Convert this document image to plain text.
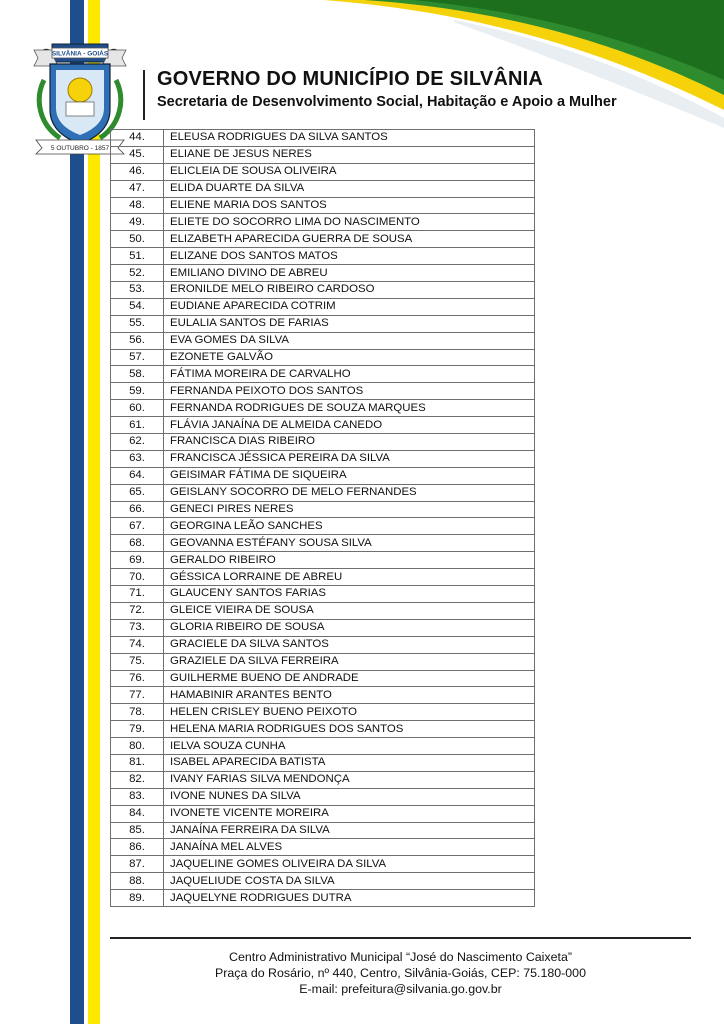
SILVÂNIA - GOIÁS
5 OUTUBRO - 1857
GOVERNO DO MUNICÍPIO DE SILVÂNIA
Secretaria de Desenvolvimento Social, Habitação e Apoio a Mulher
44.	ELEUSA RODRIGUES DA SILVA SANTOS
45.	ELIANE DE JESUS NERES
46.	ELICLEIA DE SOUSA OLIVEIRA
47.	ELIDA DUARTE DA SILVA
48.	ELIENE MARIA DOS SANTOS
49.	ELIETE DO SOCORRO LIMA DO NASCIMENTO
50.	ELIZABETH APARECIDA GUERRA DE SOUSA
51.	ELIZANE DOS SANTOS MATOS
52.	EMILIANO DIVINO DE ABREU
53.	ERONILDE MELO RIBEIRO CARDOSO
54.	EUDIANE APARECIDA COTRIM
55.	EULALIA SANTOS DE FARIAS
56.	EVA GOMES DA SILVA
57.	EZONETE GALVÃO
58.	FÁTIMA MOREIRA DE CARVALHO
59.	FERNANDA PEIXOTO DOS SANTOS
60.	FERNANDA RODRIGUES DE SOUZA MARQUES
61.	FLÁVIA JANAÍNA DE ALMEIDA CANEDO
62.	FRANCISCA DIAS RIBEIRO
63.	FRANCISCA JÉSSICA PEREIRA DA SILVA
64.	GEISIMAR FÁTIMA DE SIQUEIRA
65.	GEISLANY SOCORRO DE MELO FERNANDES
66.	GENECI PIRES NERES
67.	GEORGINA LEÃO SANCHES
68.	GEOVANNA ESTÉFANY SOUSA SILVA
69.	GERALDO RIBEIRO
70.	GÉSSICA LORRAINE DE ABREU
71.	GLAUCENY SANTOS FARIAS
72.	GLEICE VIEIRA DE SOUSA
73.	GLORIA RIBEIRO DE SOUSA
74.	GRACIELE DA SILVA SANTOS
75.	GRAZIELE DA SILVA FERREIRA
76.	GUILHERME BUENO DE ANDRADE
77.	HAMABINIR ARANTES BENTO
78.	HELEN CRISLEY BUENO PEIXOTO
79.	HELENA MARIA RODRIGUES DOS SANTOS
80.	IELVA SOUZA CUNHA
81.	ISABEL APARECIDA BATISTA
82.	IVANY FARIAS SILVA MENDONÇA
83.	IVONE NUNES DA SILVA
84.	IVONETE VICENTE MOREIRA
85.	JANAÍNA FERREIRA DA SILVA
86.	JANAÍNA MEL ALVES
87.	JAQUELINE GOMES OLIVEIRA DA SILVA
88.	JAQUELIUDE COSTA DA SILVA
89.	JAQUELYNE RODRIGUES DUTRA
Centro Administrativo Municipal “José do Nascimento Caixeta”
Praça do Rosário, nº 440, Centro, Silvânia-Goiás, CEP: 75.180-000
E-mail: prefeitura@silvania.go.gov.br
